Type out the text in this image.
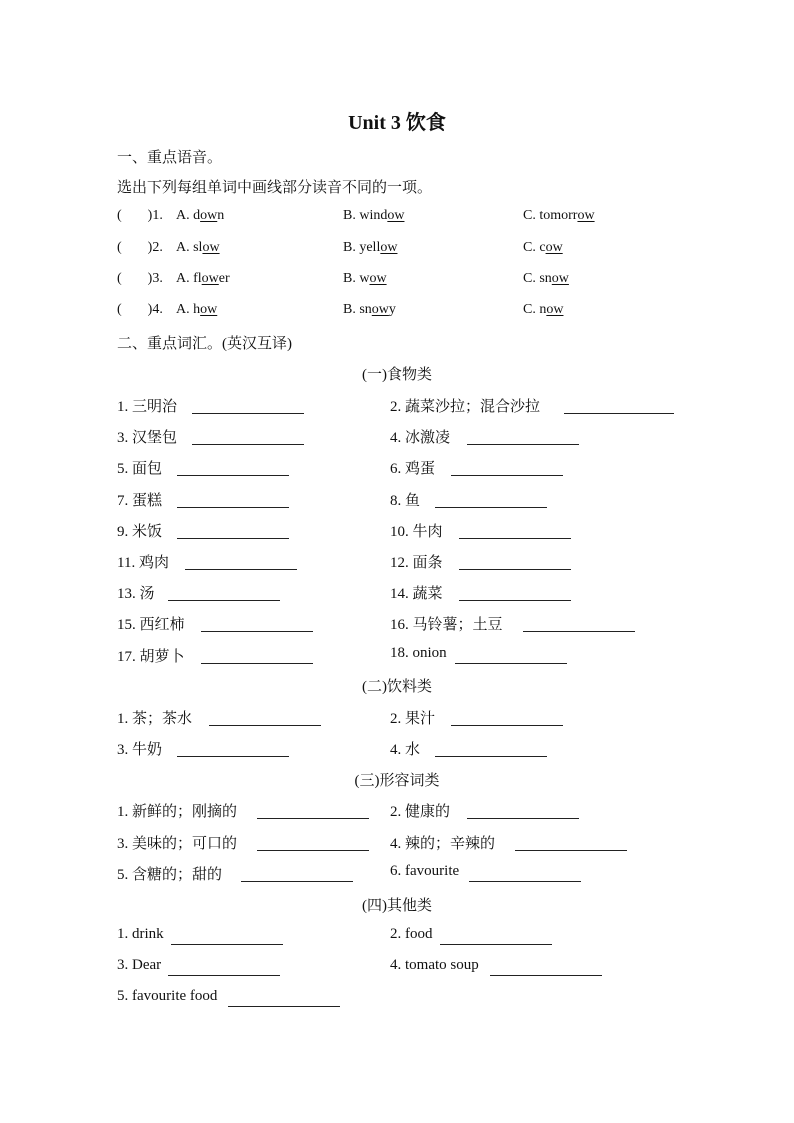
Unit 3 饮食
一、重点语音。
选出下列每组单词中画线部分读音不同的一项。
( )1. A. down	B. window	C. tomorrow
( )2. A. slow	B. yellow	C. cow
( )3. A. flower	B. wow	C. snow
( )4. A. how	B. snowy	C. now
二、重点词汇。(英汉互译)
(一)食物类
1. 三明治	2. 蔬菜沙拉；混合沙拉
3. 汉堡包	4. 冰激凌
5. 面包	6. 鸡蛋
7. 蛋糕	8. 鱼
9. 米饭	10. 牛肉
11. 鸡肉	12. 面条
13. 汤	14. 蔬菜
15. 西红柿	16. 马铃薯；土豆
17. 胡萝卜	18. onion
(二)饮料类
1. 茶；茶水	2. 果汁
3. 牛奶	4. 水
(三)形容词类
1. 新鲜的；刚摘的	2. 健康的
3. 美味的；可口的	4. 辣的；辛辣的
5. 含糖的；甜的	6. favourite
(四)其他类
1. drink	2. food
3. Dear	4. tomato soup
5. favourite food
